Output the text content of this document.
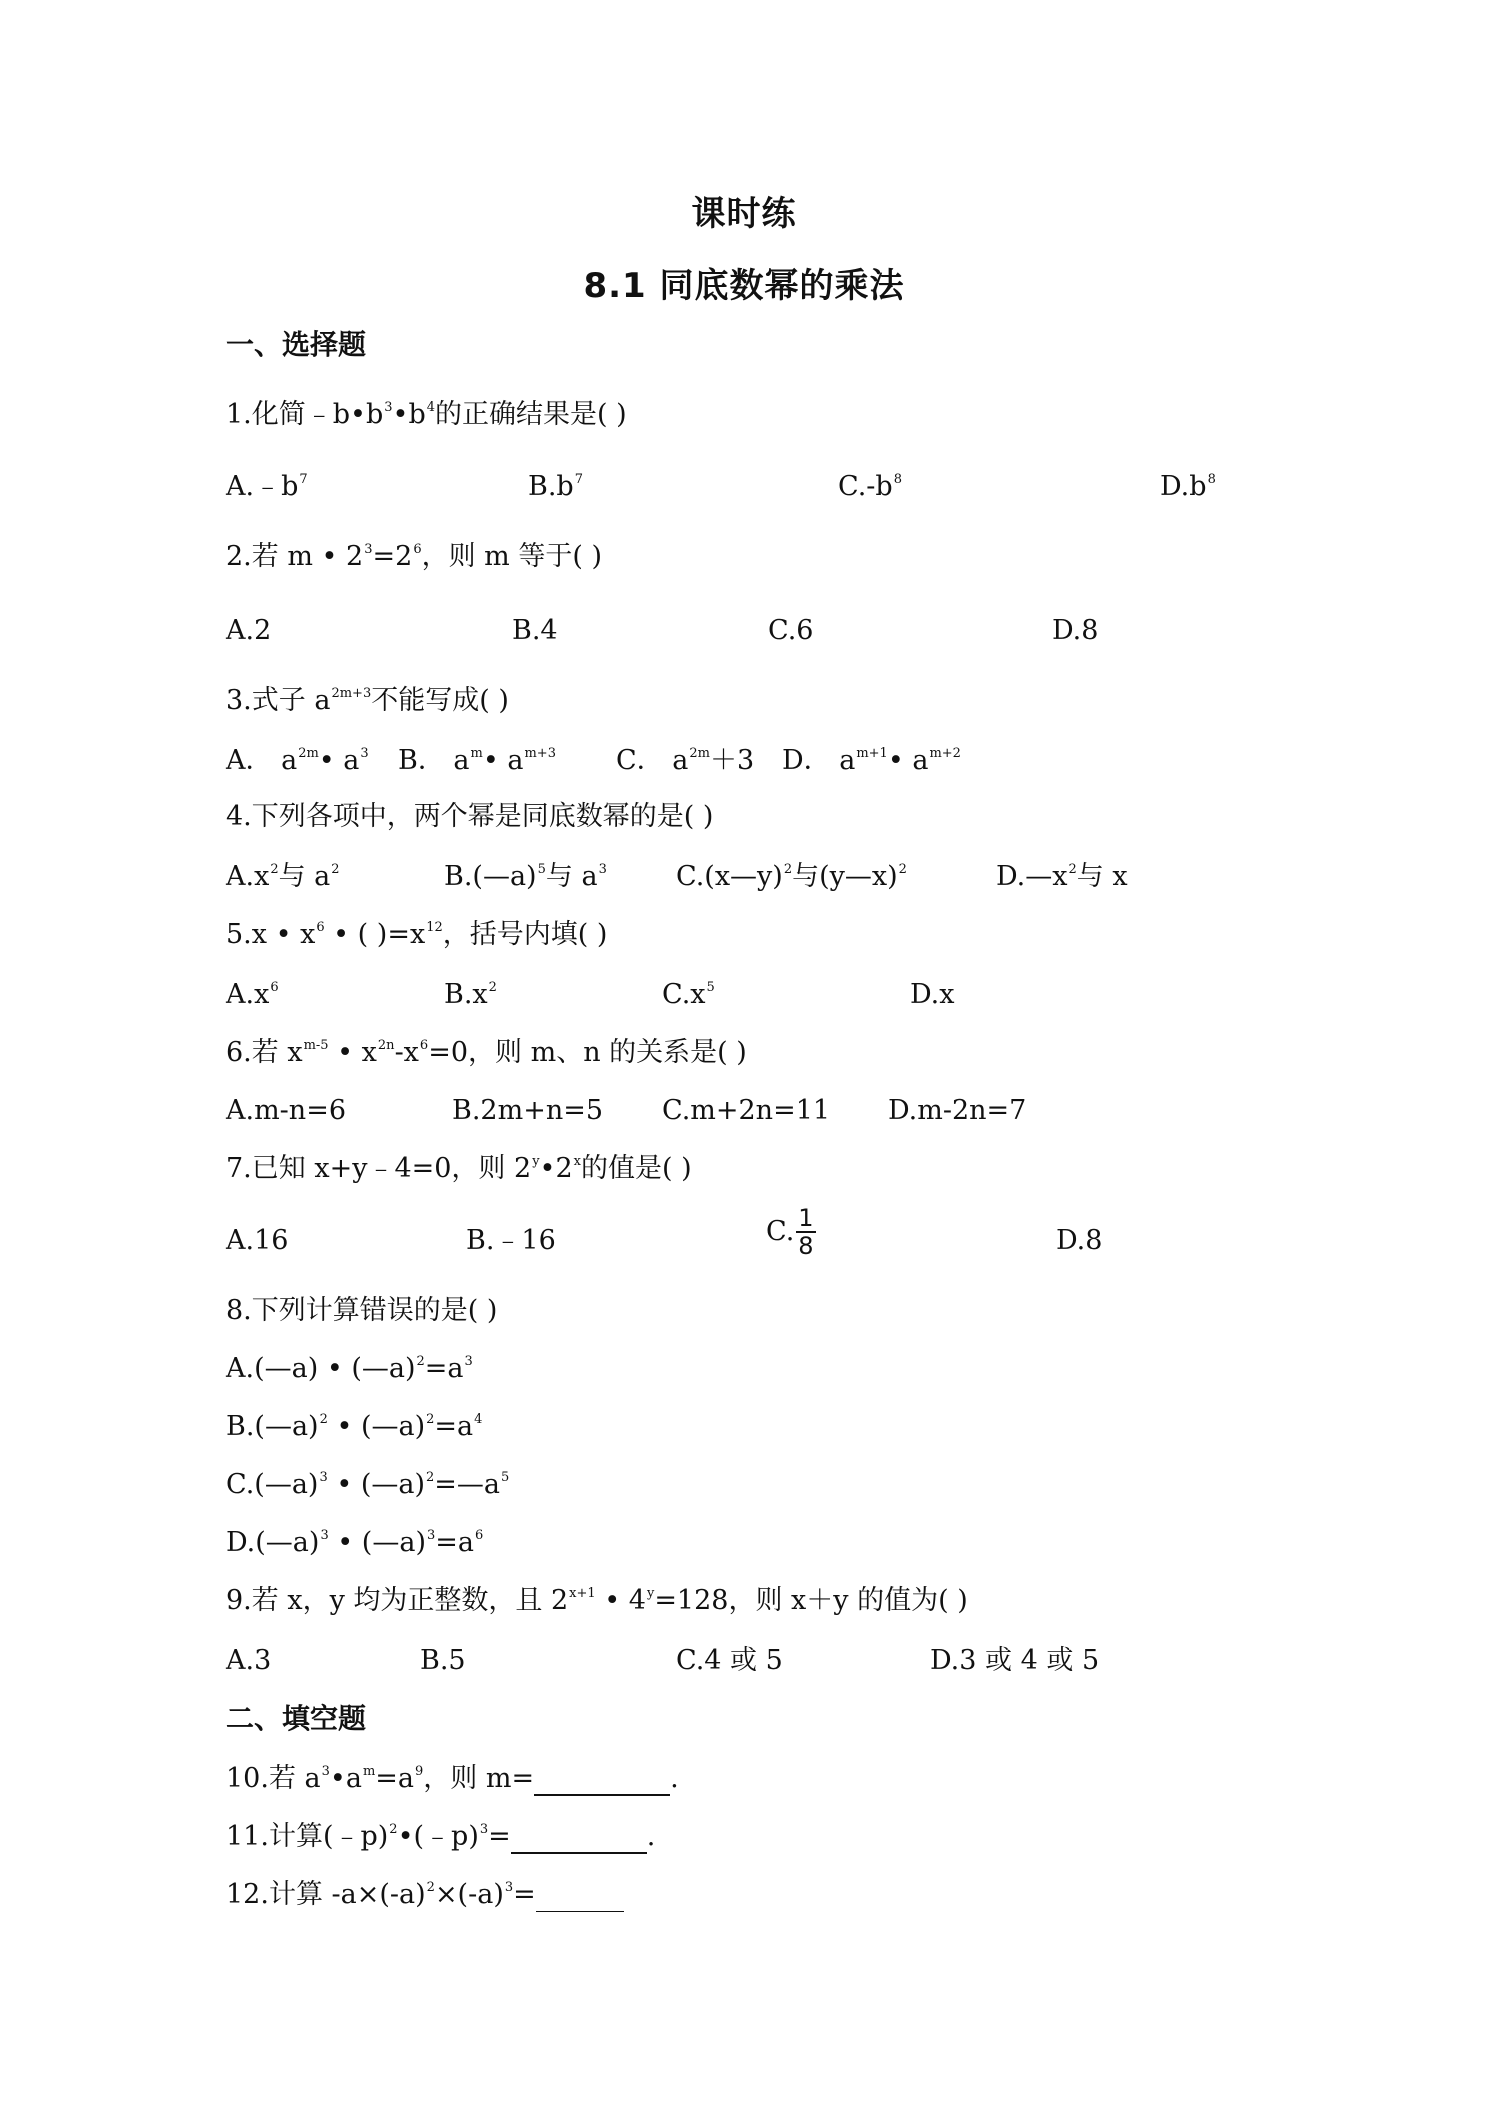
课时练
8.1 同底数幂的乘法
一、选择题
1.化简$﹣b•b^3•b^4$的正确结果是( )
$A.﹣b^7$	$B.b^7$	$C.-b^8$	$D.b^8$
2.若 m • $2^3=2^6$，则 m 等于( )
A.2	B.4	C.6	D.8
3.式子 $a^{2m+3}$不能写成( )
A． $a^{2m}•$ $a^3$ B． $a^m•$ $a^{m+3}$ C． $a^{2m}+3$ D． $a^{m+1}•$ $a^{m+2}$
4.下列各项中，两个幂是同底数幂的是( )
$A.x^2$与 $a^2$	B.(—a)$^5$与 $a^3$	C.(x—y)$^2$与(y—x)$^2$	$D.—x^2$与 x
5.x • $x^6$ • ( )$=x^{12}$，括号内填( )
$A.x^6$	$B.x^2$	$C.x^5$	D.x
6.若 $x^{m-5}$ • $x^{2n}-x^6=0$，则 m、n 的关系是( )
A.m-n=6	B.2m+n=5 C.m+2n=11 D.m-2n=7
7.已知 x+y﹣4=0，则 2$^y$•2$^x$的值是( )
A.16	B.﹣16	C. $\frac{1}{8}$	D.8
8.下列计算错误的是( )
A.(—a) • $(—a)^2=a^3$
B.(—a)$^2$ • $(—a)^2=a^4$
C.(—a)$^3$ • $(—a)^2=—a^5$
D.(—a)$^3$ • $(—a)^3=a^6$
9.若 x，y 均为正整数，且 $2^{x+1}$ • $4^y=128$，则 x＋y 的值为( )
A.3	B.5	C.4 或 5	D.3 或 4 或 5
二、填空题
10.若 $a^3•a^m=a^9$，则 m=	.
11.计算(﹣p)$^2$•(﹣p)$^3$=	.
12.计算 $-a\times(-a)^2\times(-a)^3=$
